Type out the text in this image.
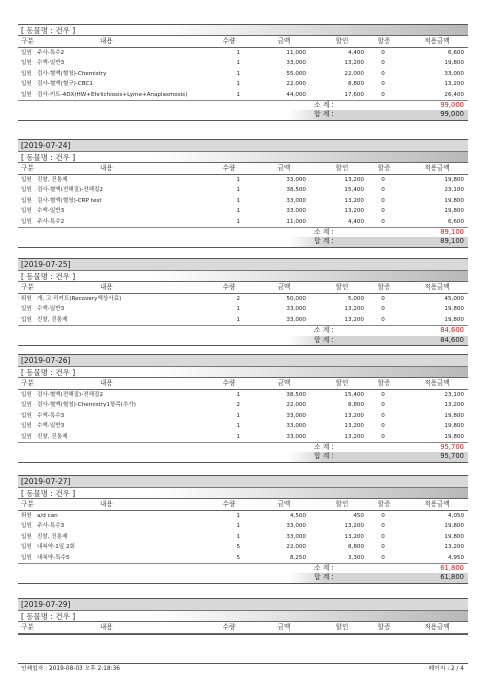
[ 동물명 : 건우 ]
구분	내용	수량	금액	할인	할증	적용금액
입원 주사-특수2	1	11,000	4,400	0	6,600
입원 수액-일반3	1	33,000	13,200	0	19,800
입원 검사-혈액(혈청)-Chemistry	1	55,000	22,000	0	33,000
입원 검사-혈액(혈구)-CBC1	1	22,000	8,800	0	13,200
입원 검사-키트-4DX(HW+Ehrlichiosis+Lyme+Anaplasmosis)	1	44,000	17,600	0	26,400
소 계 :	99,000
합 계 :	99,000
[2019-07-24]
[ 동물명 : 건우 ]
구분	내용	수량	금액	할인	할증	적용금액
입원 진찰, 진통제	1	33,000	13,200	0	19,800
입원 검사-혈액(전해질)-전해질2	1	38,500	15,400	0	23,100
입원 검사-혈액(혈청)-CRP test	1	33,000	13,200	0	19,800
입원 수액-일반3	1	33,000	13,200	0	19,800
입원 주사-특수2	1	11,000	4,400	0	6,600
소 계 :	89,100
합 계 :	89,100
[2019-07-25]
[ 동물명 : 건우 ]
구분	내용	수량	금액	할인	할증	적용금액
퇴원 개, 고 리커트(Recovery액상사료)	2	50,000	5,000	0	45,000
입원 수액-일반3	1	33,000	13,200	0	19,800
입원 진찰, 진통제	1	33,000	13,200	0	19,800
소 계 :	84,600
합 계 :	84,600
[2019-07-26]
[ 동물명 : 건우 ]
구분	내용	수량	금액	할인	할증	적용금액
입원 검사-혈액(전해질)-전해질2	1	38,500	15,400	0	23,100
입원 검사-혈액(혈청)-Chemistry1항목(추가)	2	22,000	8,800	0	13,200
입원 수액-특수3	1	33,000	13,200	0	19,800
입원 수액-일반3	1	33,000	13,200	0	19,800
입원 진찰, 진통제	1	33,000	13,200	0	19,800
소 계 :	95,700
합 계 :	95,700
[2019-07-27]
[ 동물명 : 건우 ]
구분	내용	수량	금액	할인	할증	적용금액
퇴원 a/d can	1	4,500	450	0	4,050
입원 주사-특수3	1	33,000	13,200	0	19,800
입원 진찰, 진통제	1	33,000	13,200	0	19,800
입원 내복약-1일 2회	5	22,000	8,800	0	13,200
입원 내복약-특수5	5	8,250	3,300	0	4,950
소 계 :	61,800
합 계 :	61,800
[2019-07-29]
[ 동물명 : 건우 ]
구분	내용	수량	금액	할인	할증	적용금액
인쇄일자 : 2019-08-03 오후 2:18:36	페이지 : 2 / 4
